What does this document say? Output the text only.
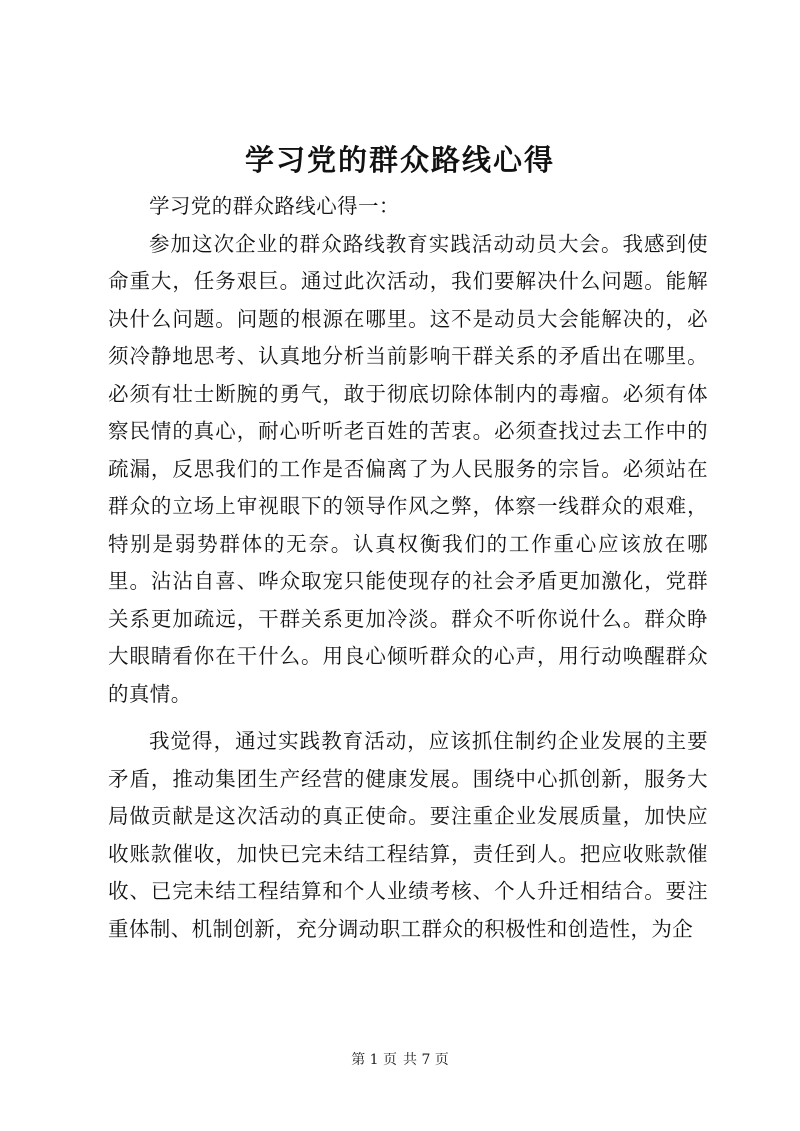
学习党的群众路线心得

学习党的群众路线心得一：

参加这次企业的群众路线教育实践活动动员大会。我感到使命重大，任务艰巨。通过此次活动，我们要解决什么问题。能解决什么问题。问题的根源在哪里。这不是动员大会能解决的，必须冷静地思考、认真地分析当前影响干群关系的矛盾出在哪里。必须有壮士断腕的勇气，敢于彻底切除体制内的毒瘤。必须有体察民情的真心，耐心听听老百姓的苦衷。必须查找过去工作中的疏漏，反思我们的工作是否偏离了为人民服务的宗旨。必须站在群众的立场上审视眼下的领导作风之弊，体察一线群众的艰难，特别是弱势群体的无奈。认真权衡我们的工作重心应该放在哪里。沾沾自喜、哗众取宠只能使现存的社会矛盾更加激化，党群关系更加疏远，干群关系更加冷淡。群众不听你说什么。群众睁大眼睛看你在干什么。用良心倾听群众的心声，用行动唤醒群众的真情。

我觉得，通过实践教育活动，应该抓住制约企业发展的主要矛盾，推动集团生产经营的健康发展。围绕中心抓创新，服务大局做贡献是这次活动的真正使命。要注重企业发展质量，加快应收账款催收，加快已完未结工程结算，责任到人。把应收账款催收、已完未结工程结算和个人业绩考核、个人升迁相结合。要注重体制、机制创新，充分调动职工群众的积极性和创造性，为企

第 1 页 共 7 页
